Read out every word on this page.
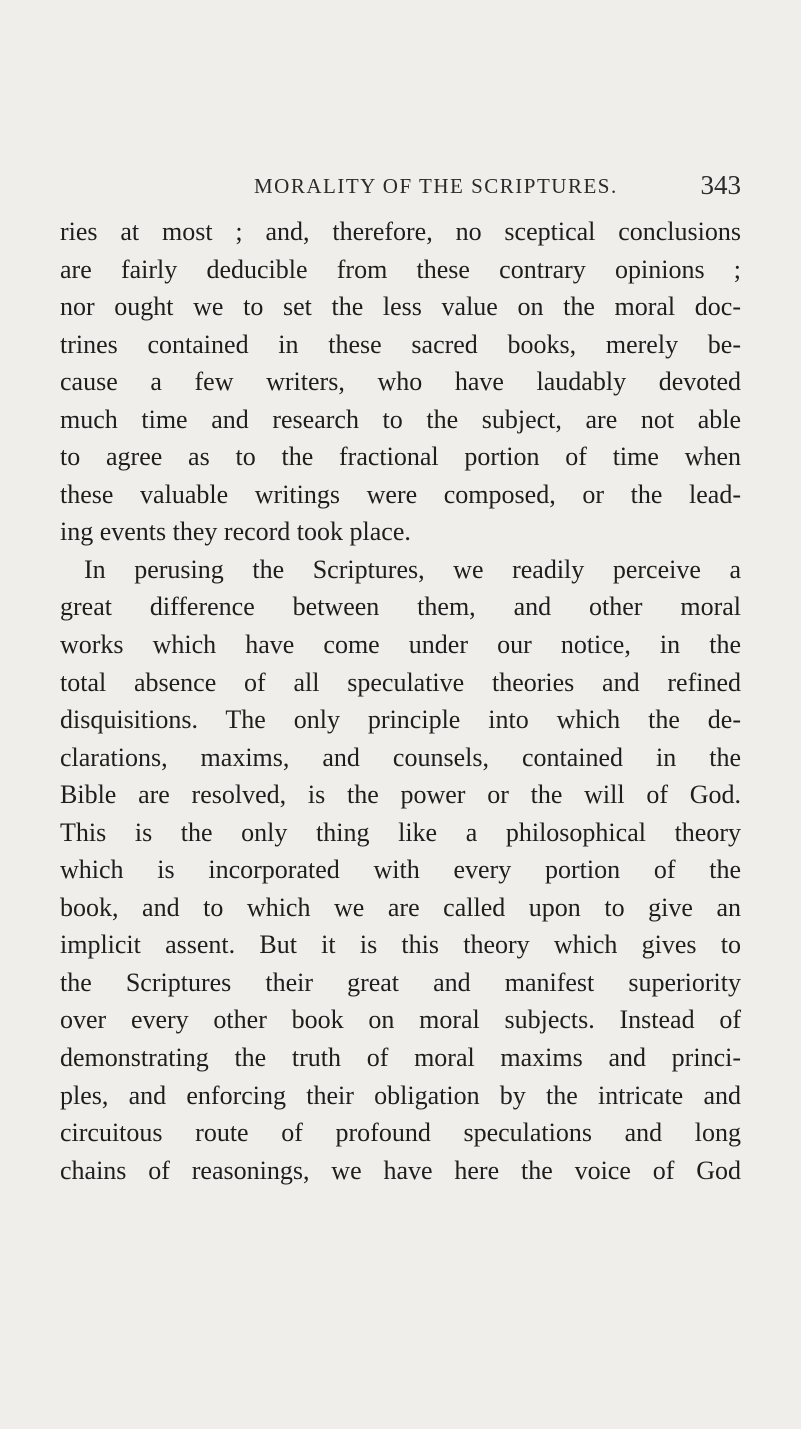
MORALITY OF THE SCRIPTURES.	343
ries at most ; and, therefore, no sceptical conclusions
are fairly deducible from these contrary opinions ;
nor ought we to set the less value on the moral doc-
trines contained in these sacred books, merely be-
cause a few writers, who have laudably devoted
much time and research to the subject, are not able
to agree as to the fractional portion of time when
these valuable writings were composed, or the lead-
ing events they record took place.
In perusing the Scriptures, we readily perceive a
great difference between them, and other moral
works which have come under our notice, in the
total absence of all speculative theories and refined
disquisitions. The only principle into which the de-
clarations, maxims, and counsels, contained in the
Bible are resolved, is the power or the will of God.
This is the only thing like a philosophical theory
which is incorporated with every portion of the
book, and to which we are called upon to give an
implicit assent. But it is this theory which gives to
the Scriptures their great and manifest superiority
over every other book on moral subjects. Instead of
demonstrating the truth of moral maxims and princi-
ples, and enforcing their obligation by the intricate and
circuitous route of profound speculations and long
chains of reasonings, we have here the voice of God
